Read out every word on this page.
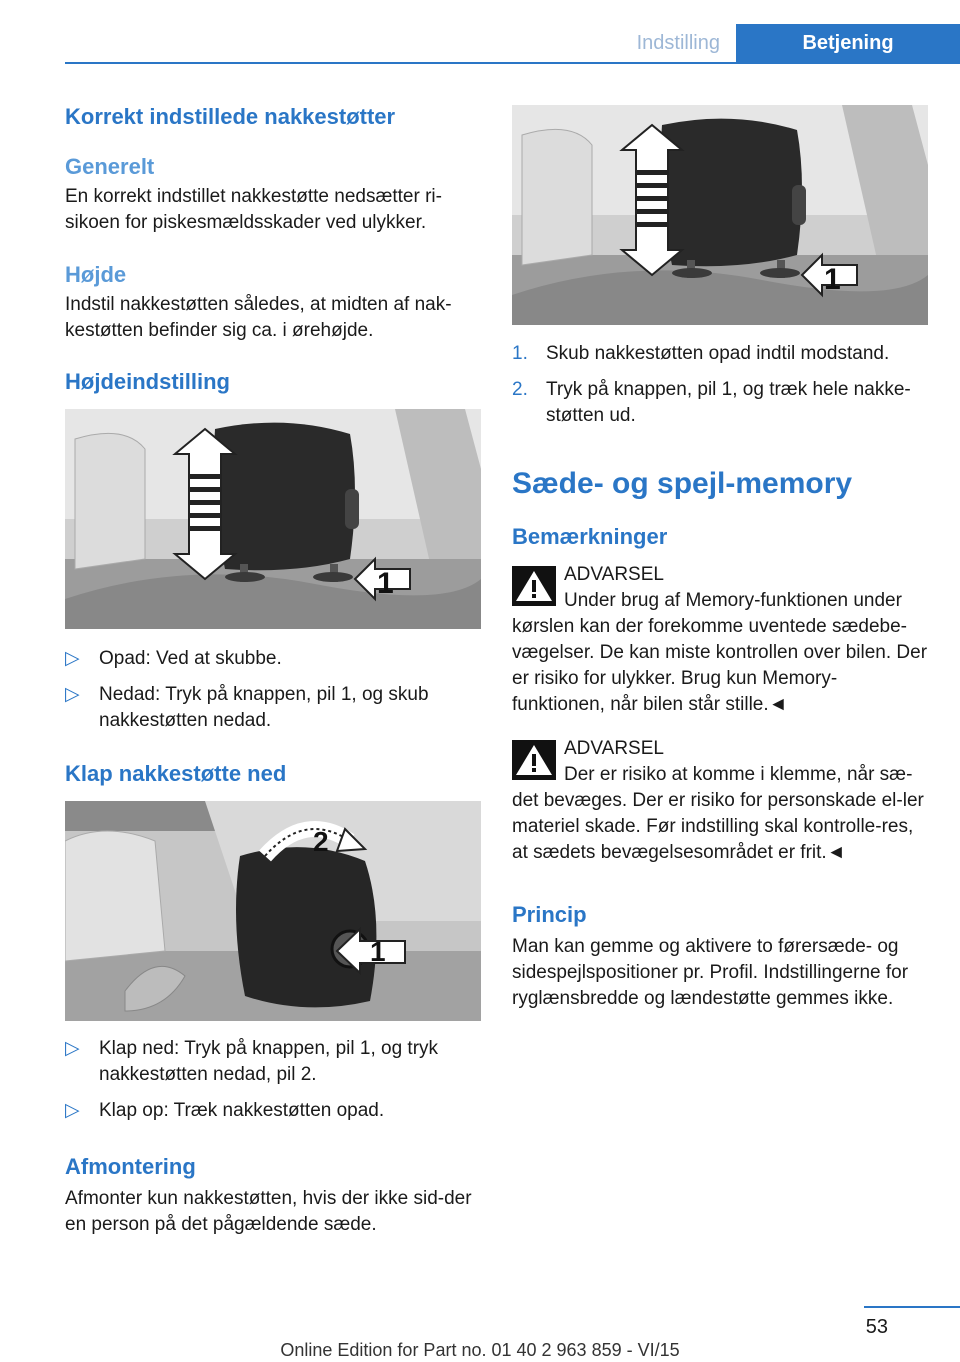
Indstilling	Betjening
Korrekt indstillede nakkestøtter
Generelt

En korrekt indstillet nakkestøtte nedsætter ri-sikoen for piskesmældsskader ved ulykker.

Højde

Indstil nakkestøtten således, at midten af nak-kestøtten befinder sig ca. i ørehøjde.

Højdeindstilling
1
▷ Opad: Ved at skubbe.
▷ Nedad: Tryk på knappen, pil 1, og skub nakkestøtten nedad.
Klap nakkestøtte ned
2
1
▷ Klap ned: Tryk på knappen, pil 1, og tryk nakkestøtten nedad, pil 2.
▷ Klap op: Træk nakkestøtten opad.
Afmontering

Afmonter kun nakkestøtten, hvis der ikke sid-der en person på det pågældende sæde.

1
1. Skub nakkestøtten opad indtil modstand.
2. Tryk på knappen, pil 1, og træk hele nakke-støtten ud.
Sæde- og spejl-memory
Bemærkninger
ADVARSEL
Under brug af Memory-funktionen under kørslen kan der forekomme uventede sædebe-vægelser. De kan miste kontrollen over bilen. Der er risiko for ulykker. Brug kun Memory-funktionen, når bilen står stille.◄
ADVARSEL
Der er risiko at komme i klemme, når sæ-det bevæges. Der er risiko for personskade el-ler materiel skade. Før indstilling skal kontrolle-res, at sædets bevægelsesområdet er frit.◄
Princip

Man kan gemme og aktivere to førersæde- og sidespejlspositioner pr. Profil. Indstillingerne for ryglænsbredde og lændestøtte gemmes ikke.

53
Online Edition for Part no. 01 40 2 963 859 - VI/15
